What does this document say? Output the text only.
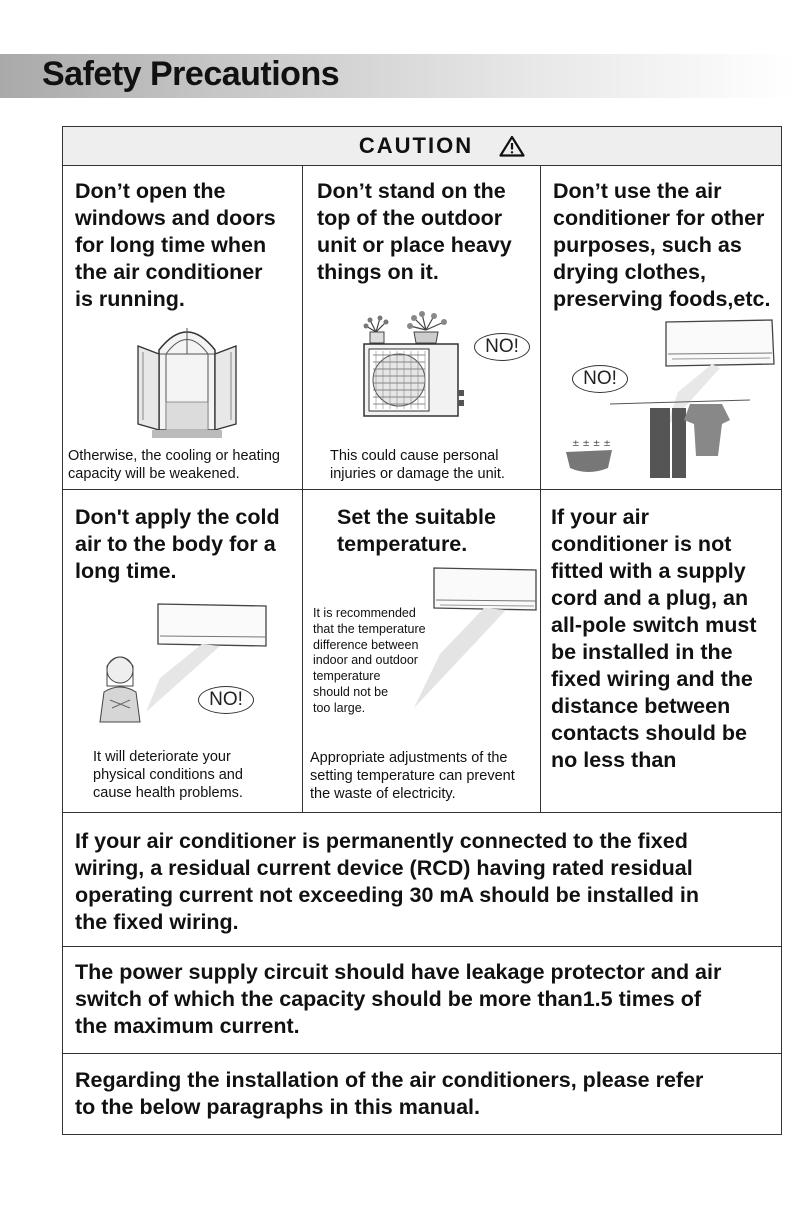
Safety Precautions
CAUTION
Don’t open the
windows and doors
for long time when
the air conditioner
is running.
Otherwise, the cooling or heating
capacity will be weakened.
Don’t stand on the
top of the outdoor
unit or place heavy
things on it.
NO!
This could cause personal
injuries or damage the unit.
Don’t use the air
conditioner for other
purposes, such as
drying clothes,
preserving foods,etc.
± ± ± ±
NO!
Don't apply the cold
air to the body for a
long time.
NO!
It will deteriorate your
physical conditions and
cause health problems.
Set the suitable
temperature.
It is recommended
that the temperature
difference between
indoor and outdoor
temperature
should not be
too large.
Appropriate adjustments of the
setting temperature can prevent
the waste of electricity.
If your air
conditioner is not
fitted with a supply
cord and a plug, an
all-pole switch must
be installed in the
fixed wiring and the
distance between
contacts should be
no less than
If your air conditioner is permanently connected to the fixed
wiring, a residual current device (RCD) having rated residual
operating current not exceeding 30 mA should be installed in
the fixed wiring.
The power supply circuit should have leakage protector and air
switch of which the capacity should be more than1.5 times of
the maximum current.
Regarding the installation of the air conditioners, please refer
to the below paragraphs in this manual.
